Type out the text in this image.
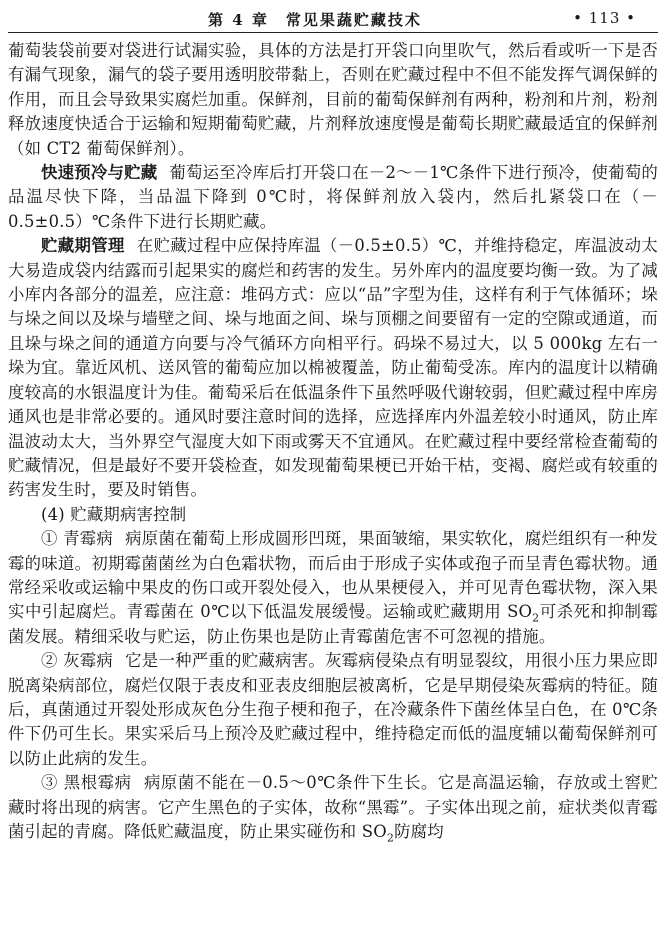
第 4 章　常见果蔬贮藏技术	• 113 •

葡萄装袋前要对袋进行试漏实验，具体的方法是打开袋口向里吹气，然后看或听一下是否有漏气现象，漏气的袋子要用透明胶带黏上，否则在贮藏过程中不但不能发挥气调保鲜的作用，而且会导致果实腐烂加重。保鲜剂，目前的葡萄保鲜剂有两种，粉剂和片剂，粉剂释放速度快适合于运输和短期葡萄贮藏，片剂释放速度慢是葡萄长期贮藏最适宜的保鲜剂（如 CT2 葡萄保鲜剂）。

快速预冷与贮藏 葡萄运至冷库后打开袋口在－2～－1℃条件下进行预冷，使葡萄的品温尽快下降，当品温下降到 0℃时，将保鲜剂放入袋内，然后扎紧袋口在（－0.5±0.5）℃条件下进行长期贮藏。

贮藏期管理 在贮藏过程中应保持库温（－0.5±0.5）℃，并维持稳定，库温波动太大易造成袋内结露而引起果实的腐烂和药害的发生。另外库内的温度要均衡一致。为了减小库内各部分的温差，应注意：堆码方式：应以“品”字型为佳，这样有利于气体循环；垛与垛之间以及垛与墙壁之间、垛与地面之间、垛与顶棚之间要留有一定的空隙或通道，而且垛与垛之间的通道方向要与冷气循环方向相平行。码垛不易过大，以 5 000kg 左右一垛为宜。靠近风机、送风管的葡萄应加以棉被覆盖，防止葡萄受冻。库内的温度计以精确度较高的水银温度计为佳。葡萄采后在低温条件下虽然呼吸代谢较弱，但贮藏过程中库房通风也是非常必要的。通风时要注意时间的选择，应选择库内外温差较小时通风，防止库温波动太大，当外界空气湿度大如下雨或雾天不宜通风。在贮藏过程中要经常检查葡萄的贮藏情况，但是最好不要开袋检查，如发现葡萄果梗已开始干枯，变褐、腐烂或有较重的药害发生时，要及时销售。

(4) 贮藏期病害控制

① 青霉病 病原菌在葡萄上形成圆形凹斑，果面皱缩，果实软化，腐烂组织有一种发霉的味道。初期霉菌菌丝为白色霜状物，而后由于形成子实体或孢子而呈青色霉状物。通常经采收或运输中果皮的伤口或开裂处侵入，也从果梗侵入，并可见青色霉状物，深入果实中引起腐烂。青霉菌在 0℃以下低温发展缓慢。运输或贮藏期用 $SO_2$可杀死和抑制霉菌发展。精细采收与贮运，防止伤果也是防止青霉菌危害不可忽视的措施。

② 灰霉病 它是一种严重的贮藏病害。灰霉病侵染点有明显裂纹，用很小压力果应即脱离染病部位，腐烂仅限于表皮和亚表皮细胞层被离析，它是早期侵染灰霉病的特征。随后，真菌通过开裂处形成灰色分生孢子梗和孢子，在冷藏条件下菌丝体呈白色，在 0℃条件下仍可生长。果实采后马上预冷及贮藏过程中，维持稳定而低的温度辅以葡萄保鲜剂可以防止此病的发生。

③ 黑根霉病 病原菌不能在－0.5～0℃条件下生长。它是高温运输，存放或土窖贮藏时将出现的病害。它产生黑色的子实体，故称“黑霉”。子实体出现之前，症状类似青霉菌引起的青腐。降低贮藏温度，防止果实碰伤和 $SO_2$防腐均
